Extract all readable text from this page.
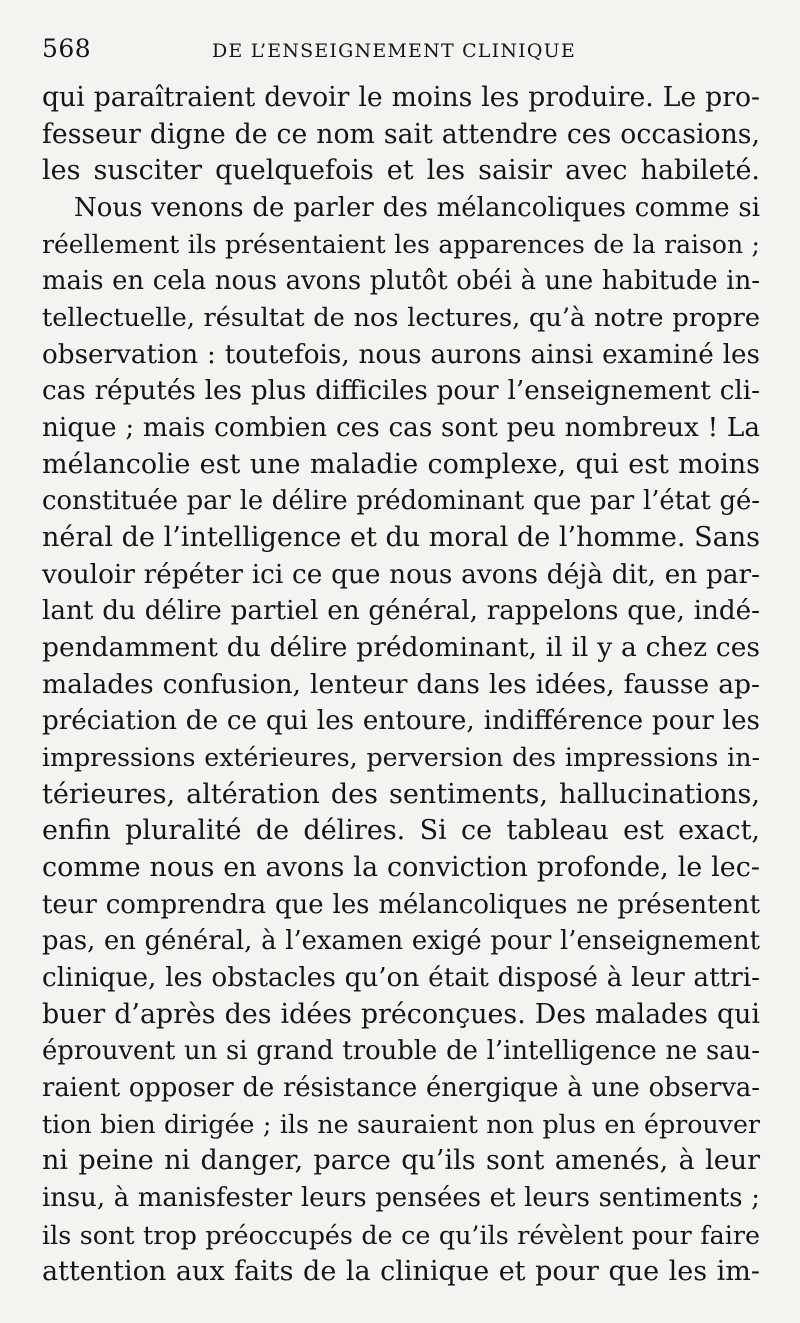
568	DE L’ENSEIGNEMENT CLINIQUE
qui paraîtraient devoir le moins les produire. Le pro-
fesseur digne de ce nom sait attendre ces occasions,
les susciter quelquefois et les saisir avec habileté.
Nous venons de parler des mélancoliques comme si
réellement ils présentaient les apparences de la raison ;
mais en cela nous avons plutôt obéi à une habitude in-
tellectuelle, résultat de nos lectures, qu’à notre propre
observation : toutefois, nous aurons ainsi examiné les
cas réputés les plus difficiles pour l’enseignement cli-
nique ; mais combien ces cas sont peu nombreux ! La
mélancolie est une maladie complexe, qui est moins
constituée par le délire prédominant que par l’état gé-
néral de l’intelligence et du moral de l’homme. Sans
vouloir répéter ici ce que nous avons déjà dit, en par-
lant du délire partiel en général, rappelons que, indé-
pendamment du délire prédominant, il il y a chez ces
malades confusion, lenteur dans les idées, fausse ap-
préciation de ce qui les entoure, indifférence pour les
impressions extérieures, perversion des impressions in-
térieures, altération des sentiments, hallucinations,
enfin pluralité de délires. Si ce tableau est exact,
comme nous en avons la conviction profonde, le lec-
teur comprendra que les mélancoliques ne présentent
pas, en général, à l’examen exigé pour l’enseignement
clinique, les obstacles qu’on était disposé à leur attri-
buer d’après des idées préconçues. Des malades qui
éprouvent un si grand trouble de l’intelligence ne sau-
raient opposer de résistance énergique à une observa-
tion bien dirigée ; ils ne sauraient non plus en éprouver
ni peine ni danger, parce qu’ils sont amenés, à leur
insu, à manisfester leurs pensées et leurs sentiments ;
ils sont trop préoccupés de ce qu’ils révèlent pour faire
attention aux faits de la clinique et pour que les im-
